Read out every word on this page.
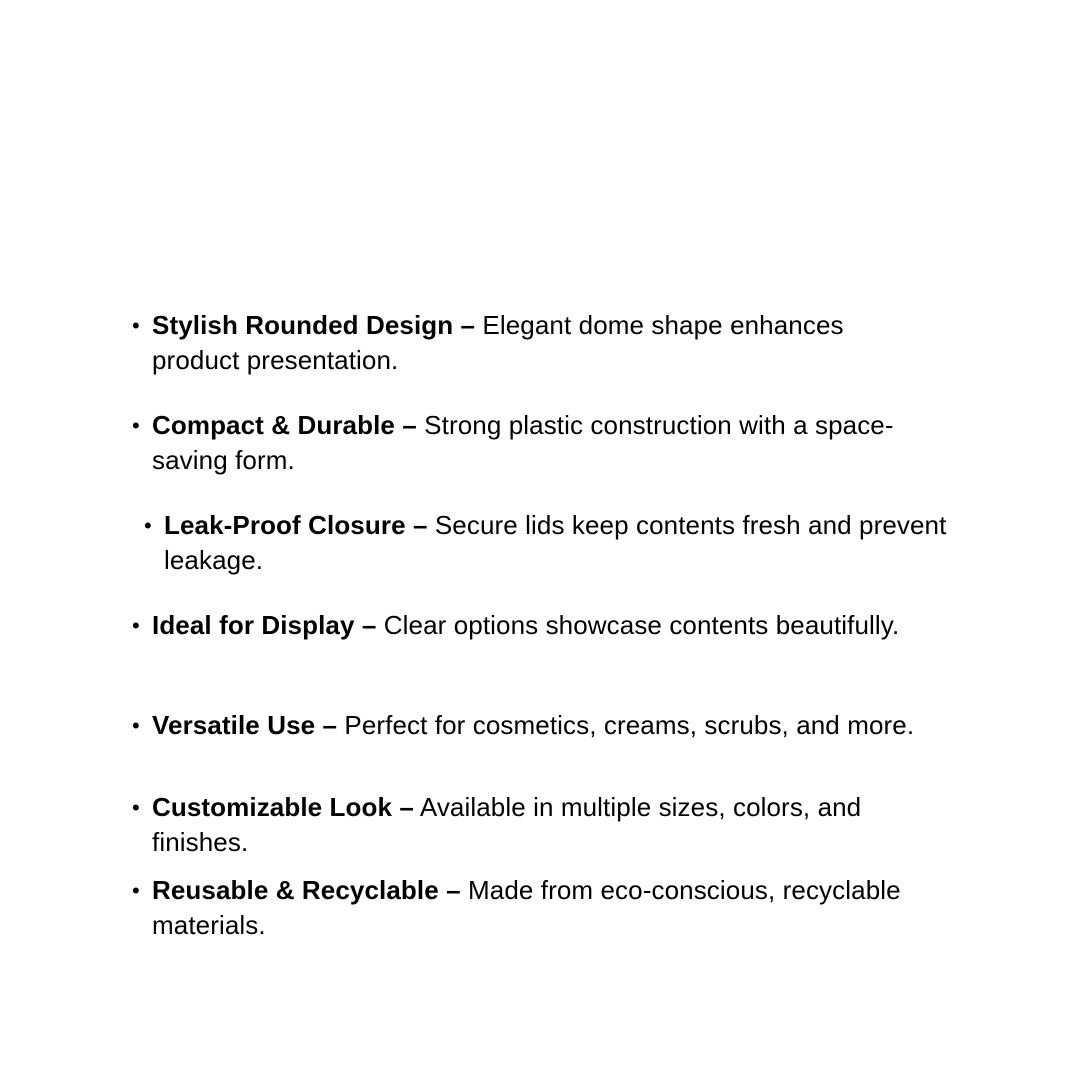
• Stylish Rounded Design – Elegant dome shape enhances product presentation.
• Compact & Durable – Strong plastic construction with a space-saving form.
• Leak-Proof Closure – Secure lids keep contents fresh and prevent leakage.
• Ideal for Display – Clear options showcase contents beautifully.
• Versatile Use – Perfect for cosmetics, creams, scrubs, and more.
• Customizable Look – Available in multiple sizes, colors, and finishes.
• Reusable & Recyclable – Made from eco-conscious, recyclable materials.
